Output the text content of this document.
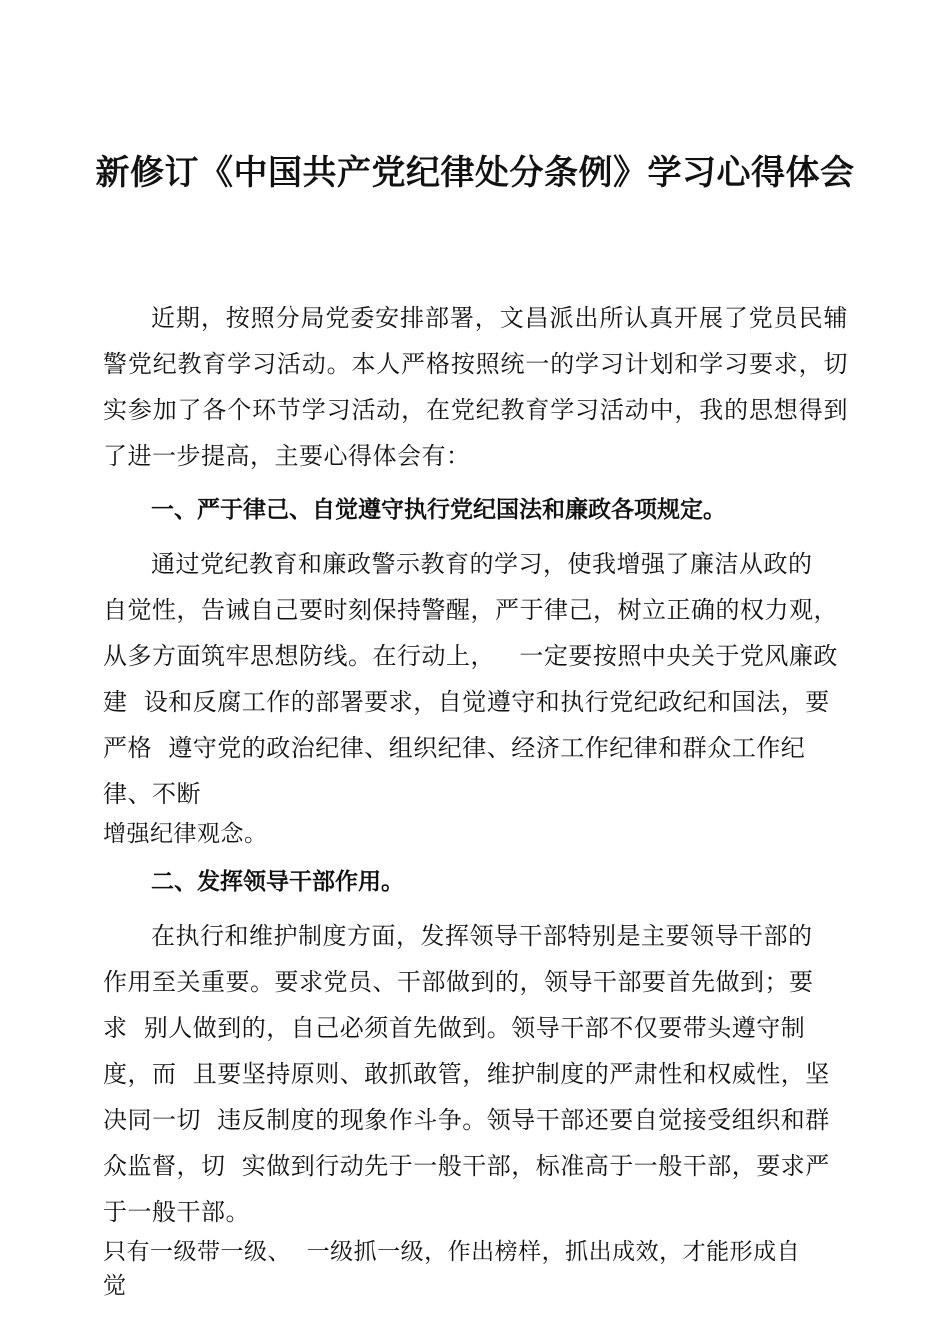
新修订《中国共产党纪律处分条例》学习心得体会

近期，按照分局党委安排部署，文昌派出所认真开展了党员民辅警党纪教育学习活动。本人严格按照统一的学习计划和学习要求，切实参加了各个环节学习活动，在党纪教育学习活动中，我的思想得到了进一步提高，主要心得体会有：

一、严于律己、自觉遵守执行党纪国法和廉政各项规定。

通过党纪教育和廉政警示教育的学习，使我增强了廉洁从政的

自觉性，告诫自己要时刻保持警醒，严于律己，树立正确的权力观，

从多方面筑牢思想防线。在行动上，   一定要按照中央关于党风廉政

建  设和反腐工作的部署要求，自觉遵守和执行党纪政纪和国法，要

严格  遵守党的政治纪律、组织纪律、经济工作纪律和群众工作纪

律、不断

增强纪律观念。

二、发挥领导干部作用。

在执行和维护制度方面，发挥领导干部特别是主要领导干部的

作用至关重要。要求党员、干部做到的，领导干部要首先做到；要

求  别人做到的，自己必须首先做到。领导干部不仅要带头遵守制

度，而  且要坚持原则、敢抓敢管，维护制度的严肃性和权威性，坚

决同一切  违反制度的现象作斗争。领导干部还要自觉接受组织和群

众监督，切  实做到行动先于一般干部，标准高于一般干部，要求严

于一般干部。

只有一级带一级、  一级抓一级，作出榜样，抓出成效，才能形成自

觉
